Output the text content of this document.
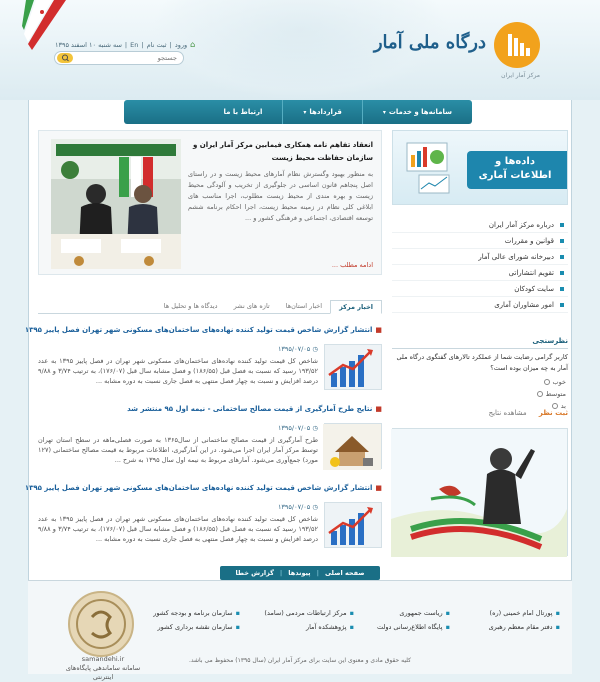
⌂
ورود
|
ثبت نام
|
En
|
سه شنبه ۱۰ اسفند ۱۳۹۵
جستجو	درگاه ملی آمار
مرکز آمار ایران
سامانه‌ها و خدمات▾
قراردادها▾
ارتباط با ما
انعقاد تفاهم نامه همکاری فیمابین مرکز آمار ایران و سازمان حفاظت محیط زیست

به منظور بهبود وگسترش نظام آمارهای محیط زیست و در راستای اصل پنجاهم قانون اساسی در جلوگیری از تخریب و آلودگی محیط زیست و بهره مندی از محیط زیست مطلوب، اجرا مناسب های ابلاغی کلی نظام در زمینه محیط زیست، اجرا احکام برنامه ششم توسعه اقتصادی، اجتماعی و فرهنگی کشور و ...

ادامه مطلب ...
اخبار مرکز
اخبار استان‌ها
تازه های نشر
دیدگاه ها و تحلیل ها
■انتشار گزارش شاخص قیمت تولید کننده نهاده‌های ساختمان‌های مسکونی شهر تهران فصل پاییز ۱۳۹۵
◷ ۱۳۹۵/۰۷/۰۵
شاخص کل قیمت تولید کننده نهاده‌های ساختمان‌های مسکونی شهر تهران در فصل پاییز ۱۳۹۵ به عدد ۱۹۳/۵۲ رسید که نسبت به فصل قبل (۱۸۶/۵۵) و فصل مشابه سال قبل (۱۷۶/۰۷)، به ترتیب ۳/۷۴ و ۹/۸۸ درصد افزایش و نسبت به چهار فصل منتهی به فصل جاری نسبت به دوره مشابه ...
■نتایج طرح آمارگیری از قیمت مصالح ساختمانی - نیمه اول ۹۵ منتشر شد
◷ ۱۳۹۵/۰۷/۰۵
طرح آمارگیری از قیمت مصالح ساختمانی از سال۱۳۶۵ به صورت فصلی‌ماهه در سطح استان تهران توسط مرکز آمار ایران اجرا می‌شود. در این آمارگیری، اطلاعات مربوط به قیمت مصالح ساختمانی (۱۲۷ مورد) جمع‌آوری می‌شود. آمارهای مربوط به نیمه اول سال ۱۳۹۵ به شرح ...
■انتشار گزارش شاخص قیمت تولید کننده نهاده‌های ساختمان‌های مسکونی شهر تهران فصل پاییز ۱۳۹۵
◷ ۱۳۹۵/۰۷/۰۵
شاخص کل قیمت تولید کننده نهاده‌های ساختمان‌های مسکونی شهر تهران در فصل پاییز ۱۳۹۵ به عدد ۱۹۳/۵۲ رسید که نسبت به فصل قبل (۱۸۶/۵۵) و فصل مشابه سال قبل (۱۷۶/۰۷)، به ترتیب ۳/۷۴ و ۹/۸۸ درصد افزایش و نسبت به چهار فصل منتهی به فصل جاری نسبت به دوره مشابه ...
داده‌ها و اطلاعات آماری
درباره مرکز آمار ایران
قوانین و مقررات
دبیرخانه شورای عالی آمار
تقویم انتشاراتی
سایت کودکان
امور مشاوران آماری
نظرسنجی
کاربر گرامی رضایت شما از عملکرد تالارهای گفتگوی درگاه ملی آمار به چه میزان بوده است؟
خوب
متوسط
بد
ثبت نظر مشاهده نتایج
صفحه اصلی
|
پیوندها
|
گزارش خطا
▪ پورتال امام خمینی (ره)
▪ دفتر مقام معظم رهبری
▪ ریاست جمهوری
▪ پایگاه اطلاع‌رسانی دولت
▪ مرکز ارتباطات مردمی (سامد)
▪ پژوهشکده آمار
▪ سازمان برنامه و بودجه کشور
▪ سازمان نقشه برداری کشور
samandehi.ir
سامانه ساماندهی پایگاه‌های اینترنتی
کلیه حقوق مادی و معنوی این سایت برای مرکز آمار ایران (سال ۱۳۹۵) محفوظ می باشد.
